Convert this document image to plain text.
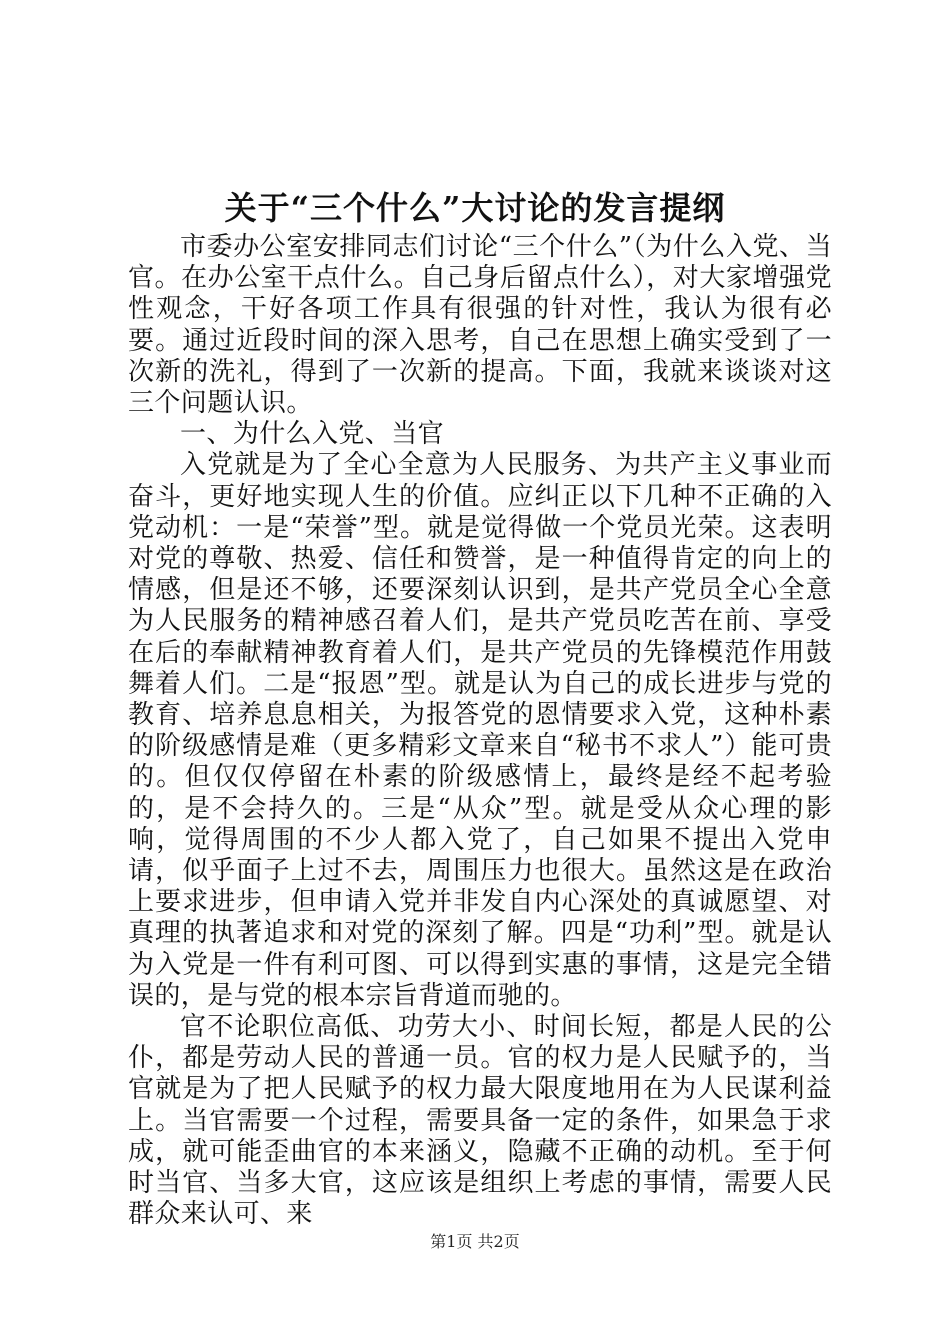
关于“三个什么”大讨论的发言提纲

市委办公室安排同志们讨论“三个什么”（为什么入党、当官。在办公室干点什么。自己身后留点什么），对大家增强党性观念，干好各项工作具有很强的针对性，我认为很有必要。通过近段时间的深入思考，自己在思想上确实受到了一次新的洗礼，得到了一次新的提高。下面，我就来谈谈对这三个问题认识。

一、为什么入党、当官

入党就是为了全心全意为人民服务、为共产主义事业而奋斗，更好地实现人生的价值。应纠正以下几种不正确的入党动机：一是“荣誉”型。就是觉得做一个党员光荣。这表明对党的尊敬、热爱、信任和赞誉，是一种值得肯定的向上的情感，但是还不够，还要深刻认识到，是共产党员全心全意为人民服务的精神感召着人们，是共产党员吃苦在前、享受在后的奉献精神教育着人们，是共产党员的先锋模范作用鼓舞着人们。二是“报恩”型。就是认为自己的成长进步与党的教育、培养息息相关，为报答党的恩情要求入党，这种朴素的阶级感情是难（更多精彩文章来自“秘书不求人”）能可贵的。但仅仅停留在朴素的阶级感情上，最终是经不起考验的，是不会持久的。三是“从众”型。就是受从众心理的影响，觉得周围的不少人都入党了，自己如果不提出入党申请，似乎面子上过不去，周围压力也很大。虽然这是在政治上要求进步，但申请入党并非发自内心深处的真诚愿望、对真理的执著追求和对党的深刻了解。四是“功利”型。就是认为入党是一件有利可图、可以得到实惠的事情，这是完全错误的，是与党的根本宗旨背道而驰的。

官不论职位高低、功劳大小、时间长短，都是人民的公仆，都是劳动人民的普通一员。官的权力是人民赋予的，当官就是为了把人民赋予的权力最大限度地用在为人民谋利益上。当官需要一个过程，需要具备一定的条件，如果急于求成，就可能歪曲官的本来涵义，隐藏不正确的动机。至于何时当官、当多大官，这应该是组织上考虑的事情，需要人民群众来认可、来

第1页 共2页
